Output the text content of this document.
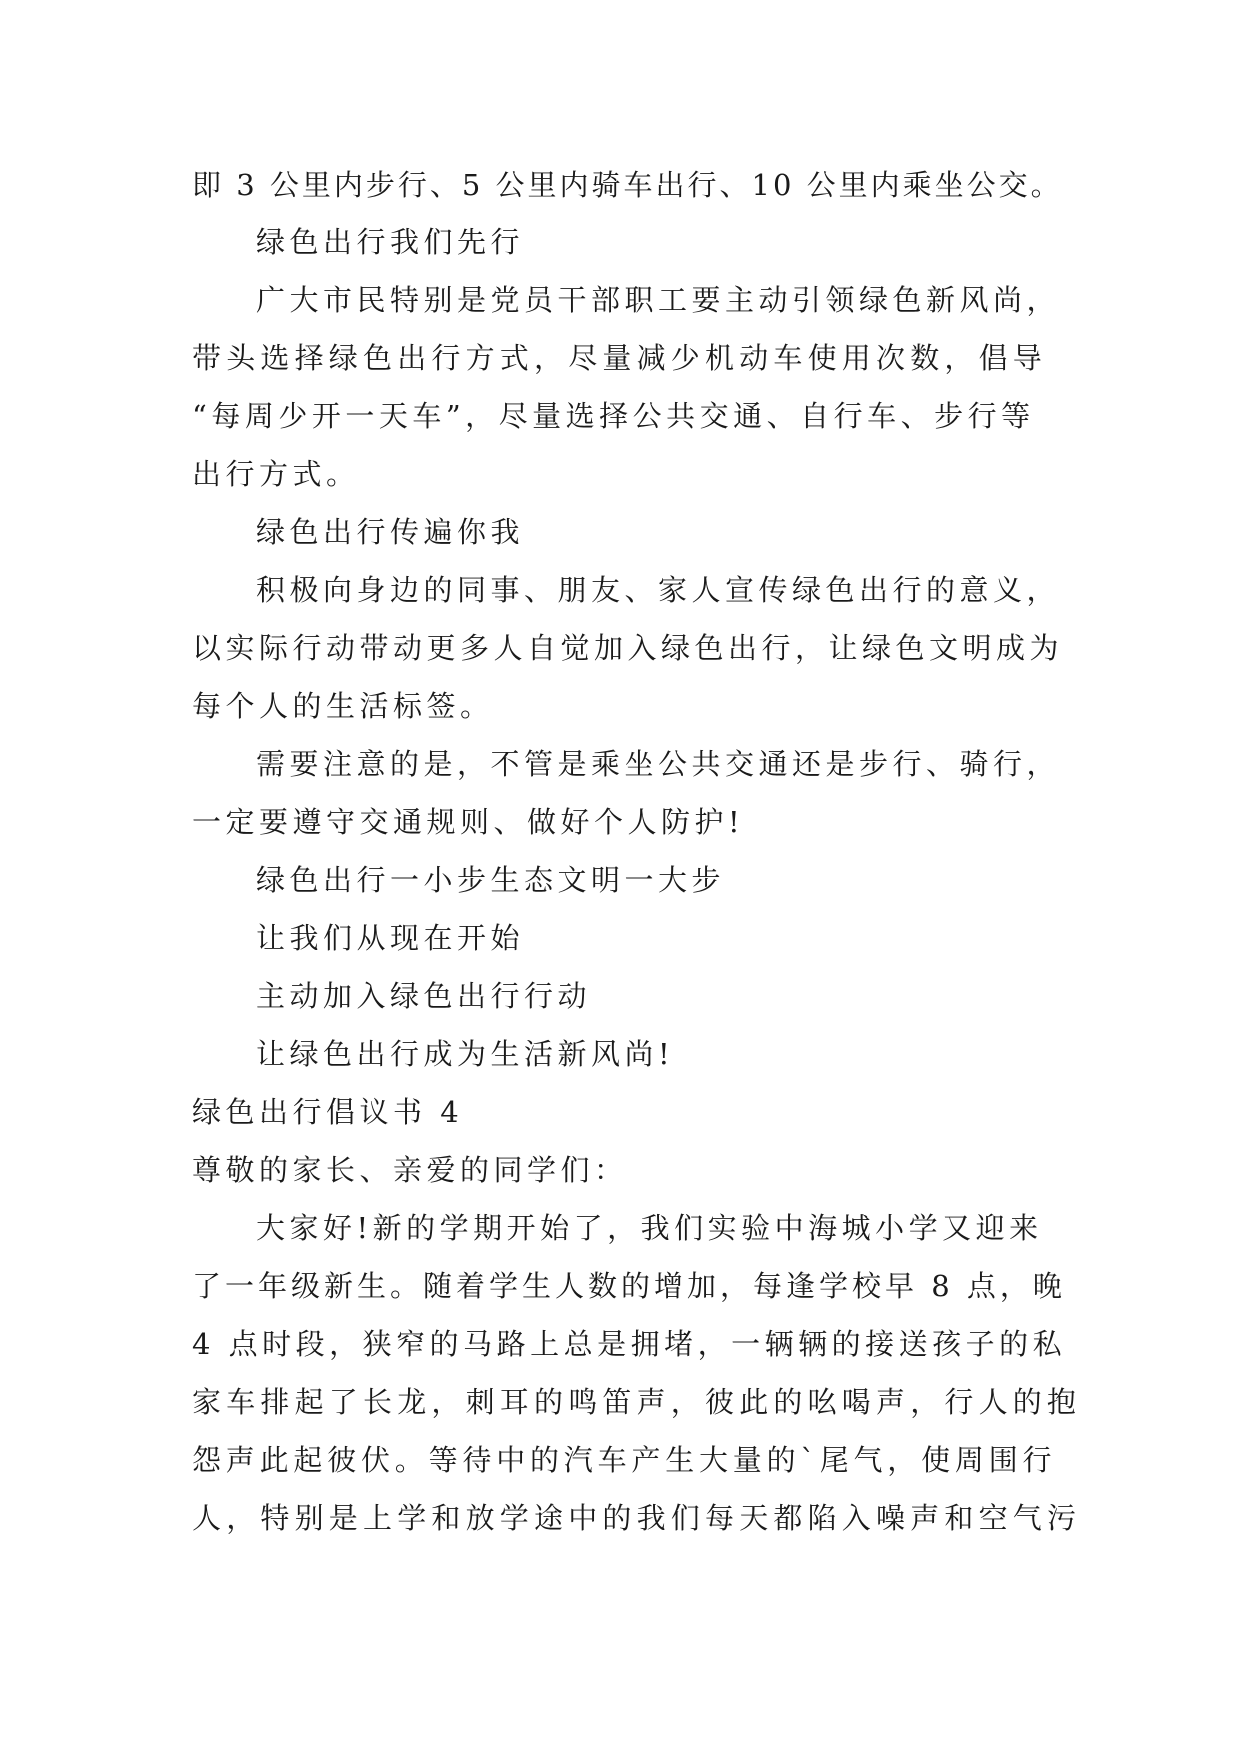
即 3 公里内步行、5 公里内骑车出行、10 公里内乘坐公交。
绿色出行我们先行
广大市民特别是党员干部职工要主动引领绿色新风尚，
带头选择绿色出行方式，尽量减少机动车使用次数，倡导
“每周少开一天车”，尽量选择公共交通、自行车、步行等
出行方式。
绿色出行传遍你我
积极向身边的同事、朋友、家人宣传绿色出行的意义，
以实际行动带动更多人自觉加入绿色出行，让绿色文明成为
每个人的生活标签。
需要注意的是，不管是乘坐公共交通还是步行、骑行，
一定要遵守交通规则、做好个人防护!
绿色出行一小步生态文明一大步
让我们从现在开始
主动加入绿色出行行动
让绿色出行成为生活新风尚!
绿色出行倡议书 4
尊敬的家长、亲爱的同学们：
大家好!新的学期开始了，我们实验中海城小学又迎来
了一年级新生。随着学生人数的增加，每逢学校早 8 点，晚
4 点时段，狭窄的马路上总是拥堵，一辆辆的接送孩子的私
家车排起了长龙，刺耳的鸣笛声，彼此的吆喝声，行人的抱
怨声此起彼伏。等待中的汽车产生大量的`尾气，使周围行
人，特别是上学和放学途中的我们每天都陷入噪声和空气污
